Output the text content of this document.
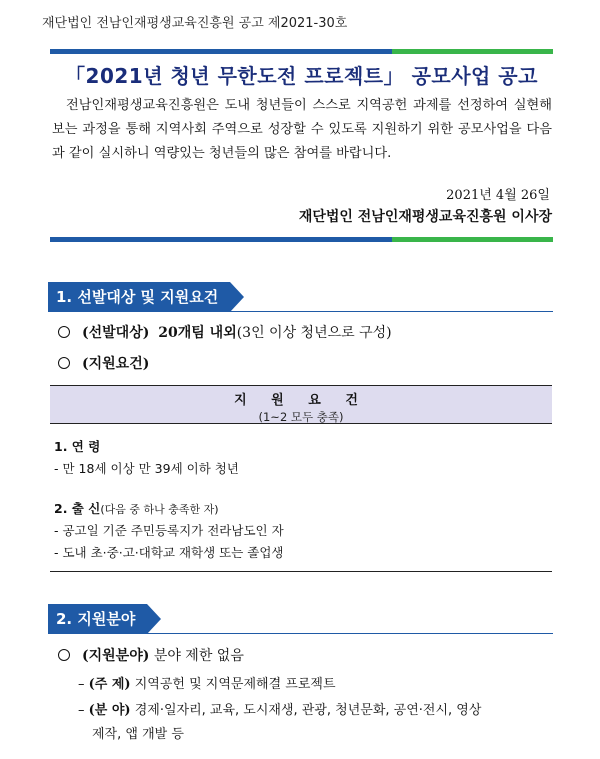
재단법인 전남인재평생교육진흥원 공고 제2021-30호
「2021년 청년 무한도전 프로젝트」 공모사업 공고
전남인재평생교육진흥원은 도내 청년들이 스스로 지역공헌 과제를 선정하여 실현해보는 과정을 통해 지역사회 주역으로 성장할 수 있도록 지원하기 위한 공모사업을 다음과 같이 실시하니 역량있는 청년들의 많은 참여를 바랍니다.
2021년 4월 26일
재단법인 전남인재평생교육진흥원 이사장
1. 선발대상 및 지원요건
(선발대상) 20개팀 내외(3인 이상 청년으로 구성)
(지원요건)
지 원 요 건
(1~2 모두 충족)
1. 연 령
- 만 18세 이상 만 39세 이하 청년
2. 출 신(다음 중 하나 충족한 자)
- 공고일 기준 주민등록지가 전라남도인 자
- 도내 초·중·고·대학교 재학생 또는 졸업생
2. 지원분야
(지원분야) 분야 제한 없음
– (주 제) 지역공헌 및 지역문제해결 프로젝트
– (분 야) 경제·일자리, 교육, 도시재생, 관광, 청년문화, 공연·전시, 영상
제작, 앱 개발 등
